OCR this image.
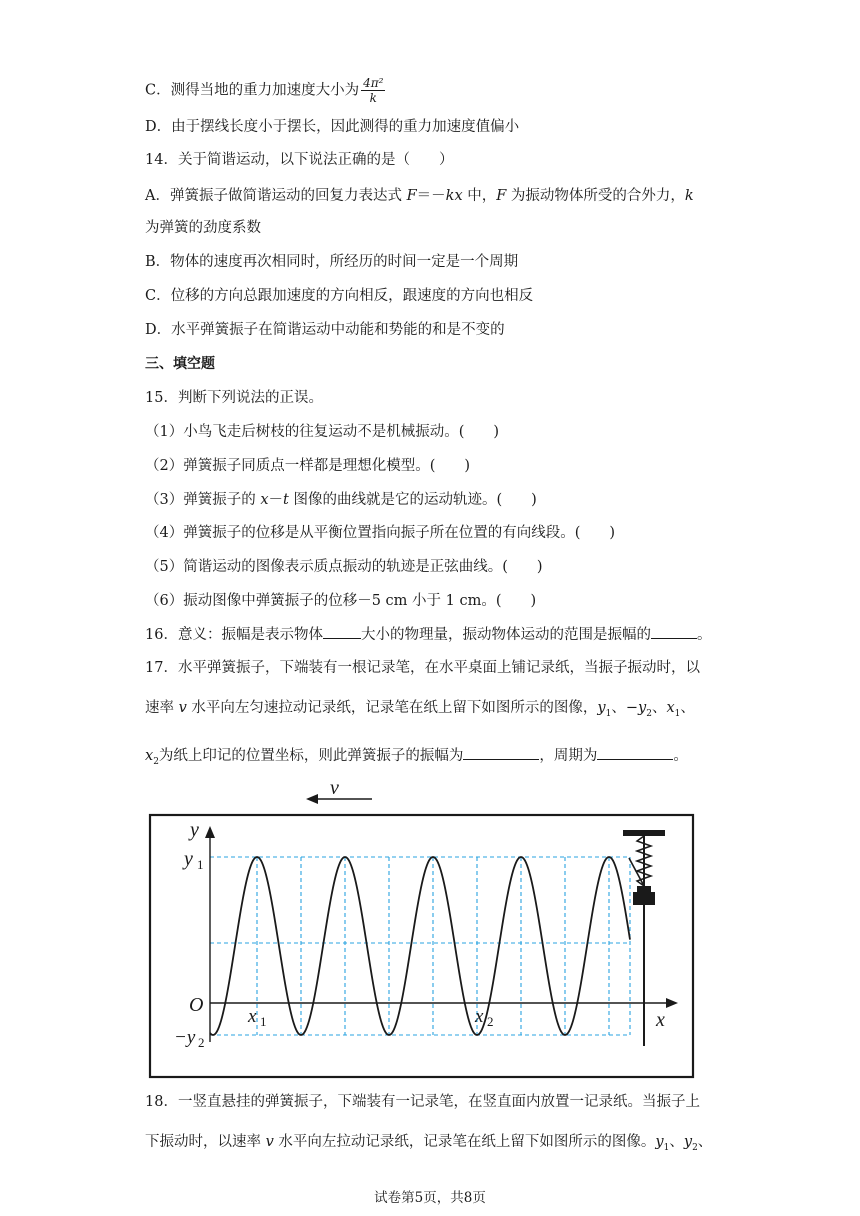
C．测得当地的重力加速度大小为 $\frac{\text{4π²}}{k}$
D．由于摆线长度小于摆长，因此测得的重力加速度值偏小
14．关于简谐运动，以下说法正确的是（　　）
A．弹簧振子做简谐运动的回复力表达式 F＝－kx 中，F 为振动物体所受的合外力，k
为弹簧的劲度系数
B．物体的速度再次相同时，所经历的时间一定是一个周期
C．位移的方向总跟加速度的方向相反，跟速度的方向也相反
D．水平弹簧振子在简谐运动中动能和势能的和是不变的
三、填空题
15．判断下列说法的正误。
（1）小鸟飞走后树枝的往复运动不是机械振动。(　　)
（2）弹簧振子同质点一样都是理想化模型。(　　)
（3）弹簧振子的 x－t 图像的曲线就是它的运动轨迹。(　　)
（4）弹簧振子的位移是从平衡位置指向振子所在位置的有向线段。(　　)
（5）简谐运动的图像表示质点振动的轨迹是正弦曲线。(　　)
（6）振动图像中弹簧振子的位移－5 cm 小于 1 cm。(　　)
16．意义：振幅是表示物体	大小的物理量，振动物体运动的范围是振幅的	。
17．水平弹簧振子，下端装有一根记录笔，在水平桌面上铺记录纸，当振子振动时，以
速率 v 水平向左匀速拉动记录纸，记录笔在纸上留下如图所示的图像，$y_1$、$-y_2$、$x_1$、
$x_2$为纸上印记的位置坐标，则此弹簧振子的振幅为	，周期为	。
18．一竖直悬挂的弹簧振子，下端装有一记录笔，在竖直面内放置一记录纸。当振子上
下振动时，以速率 v 水平向左拉动记录纸，记录笔在纸上留下如图所示的图像。$y_1$、$y_2$、
v
y
y 1
O
x 1	x 2
−y 2
x
试卷第5页，共8页
